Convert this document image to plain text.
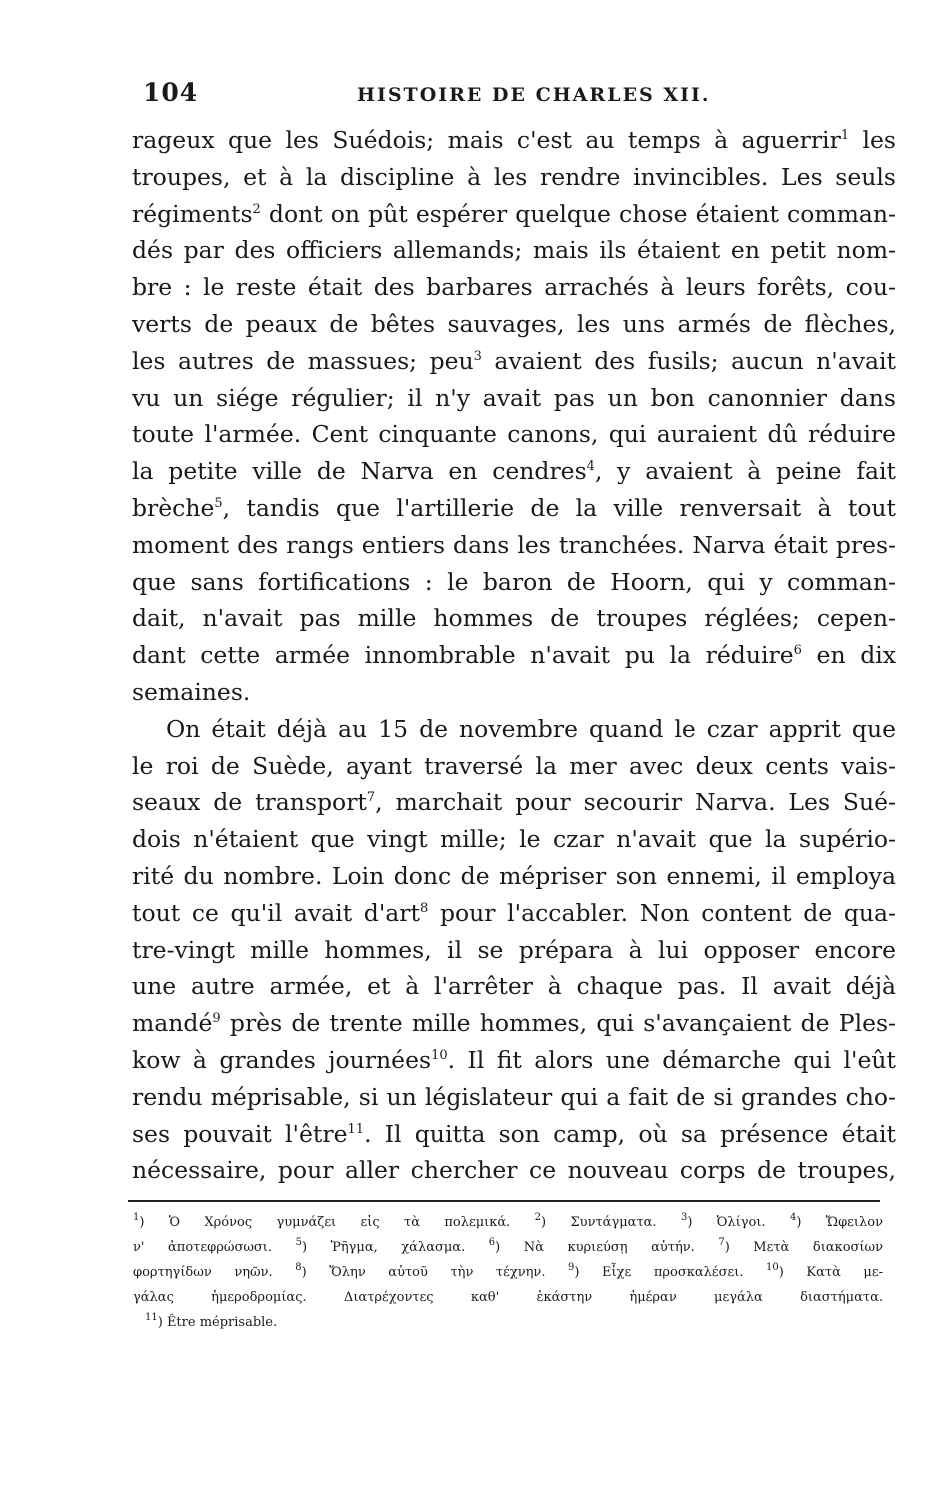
104	HISTOIRE DE CHARLES XII.
rageux que les Suédois; mais c'est au temps à aguerrir$^1$ les
troupes, et à la discipline à les rendre invincibles. Les seuls
régiments$^2$ dont on pût espérer quelque chose étaient comman-
dés par des officiers allemands; mais ils étaient en petit nom-
bre : le reste était des barbares arrachés à leurs forêts, cou-
verts de peaux de bêtes sauvages, les uns armés de flèches,
les autres de massues; peu$^3$ avaient des fusils; aucun n'avait
vu un siége régulier; il n'y avait pas un bon canonnier dans
toute l'armée. Cent cinquante canons, qui auraient dû réduire
la petite ville de Narva en cendres$^4$, y avaient à peine fait
brèche$^5$, tandis que l'artillerie de la ville renversait à tout
moment des rangs entiers dans les tranchées. Narva était pres-
que sans fortifications : le baron de Hoorn, qui y comman-
dait, n'avait pas mille hommes de troupes réglées; cepen-
dant cette armée innombrable n'avait pu la réduire$^6$ en dix
semaines.
On était déjà au 15 de novembre quand le czar apprit que
le roi de Suède, ayant traversé la mer avec deux cents vais-
seaux de transport$^7$, marchait pour secourir Narva. Les Sué-
dois n'étaient que vingt mille; le czar n'avait que la supério-
rité du nombre. Loin donc de mépriser son ennemi, il employa
tout ce qu'il avait d'art$^8$ pour l'accabler. Non content de qua-
tre-vingt mille hommes, il se prépara à lui opposer encore
une autre armée, et à l'arrêter à chaque pas. Il avait déjà
mandé$^9$ près de trente mille hommes, qui s'avançaient de Ples-
kow à grandes journées$^{10}$. Il fit alors une démarche qui l'eût
rendu méprisable, si un législateur qui a fait de si grandes cho-
ses pouvait l'être$^{11}$. Il quitta son camp, où sa présence était
nécessaire, pour aller chercher ce nouveau corps de troupes,
$^1$) Ὁ Χρόνος γυμνάζει εἰς τὰ πολεμικά. $^2$) Συντάγματα. $^3$) Ὀλίγοι. $^4$) Ὤφειλον
ν' ἀποτεφρώσωσι. $^5$) Ῥῆγμα, χάλασμα. $^6$) Νὰ κυριεύσῃ αὐτήν. $^7$) Μετὰ διακοσίων
φορτηγίδων νηῶν. $^8$) Ὅλην αὐτοῦ τὴν τέχνην. $^9$) Εἶχε προσκαλέσει. $^{10}$) Κατὰ με-
γάλας ἡμεροδρομίας. Διατρέχοντες καθ' ἑκάστην ἡμέραν μεγάλα διαστήματα.
$^{11}$) Être méprisable.
